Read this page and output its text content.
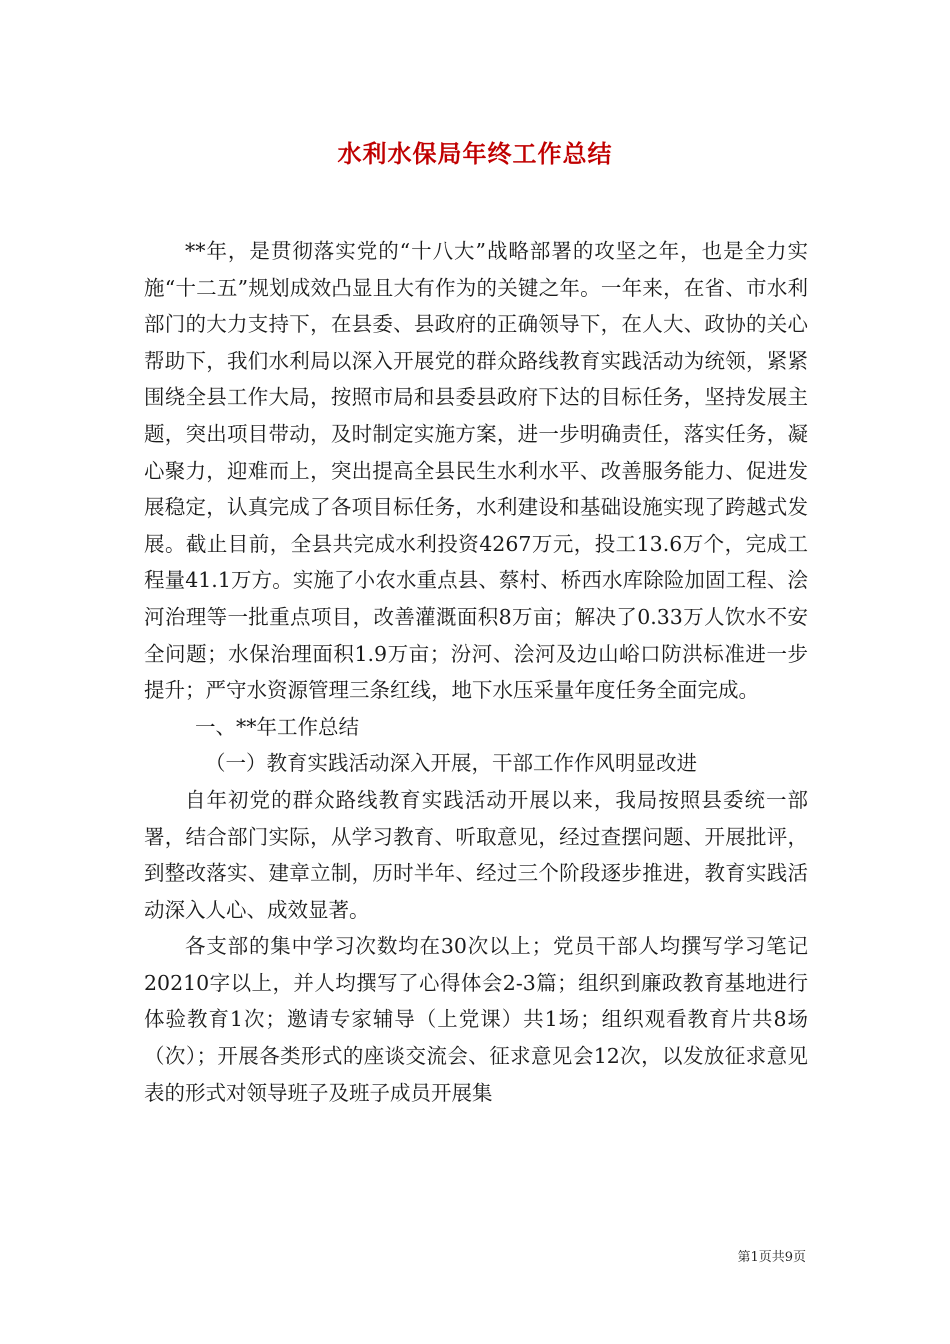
水利水保局年终工作总结

**年，是贯彻落实党的“十八大”战略部署的攻坚之年，也是全力实施“十二五”规划成效凸显且大有作为的关键之年。一年来，在省、市水利部门的大力支持下，在县委、县政府的正确领导下，在人大、政协的关心帮助下，我们水利局以深入开展党的群众路线教育实践活动为统领，紧紧围绕全县工作大局，按照市局和县委县政府下达的目标任务，坚持发展主题，突出项目带动，及时制定实施方案，进一步明确责任，落实任务，凝心聚力，迎难而上，突出提高全县民生水利水平、改善服务能力、促进发展稳定，认真完成了各项目标任务，水利建设和基础设施实现了跨越式发展。截止目前，全县共完成水利投资4267万元，投工13.6万个，完成工程量41.1万方。实施了小农水重点县、蔡村、桥西水库除险加固工程、浍河治理等一批重点项目，改善灌溉面积8万亩；解决了0.33万人饮水不安全问题；水保治理面积1.9万亩；汾河、浍河及边山峪口防洪标准进一步提升；严守水资源管理三条红线，地下水压采量年度任务全面完成。

一、**年工作总结

（一）教育实践活动深入开展，干部工作作风明显改进

自年初党的群众路线教育实践活动开展以来，我局按照县委统一部署，结合部门实际，从学习教育、听取意见，经过查摆问题、开展批评，到整改落实、建章立制，历时半年、经过三个阶段逐步推进，教育实践活动深入人心、成效显著。

各支部的集中学习次数均在30次以上；党员干部人均撰写学习笔记20210字以上，并人均撰写了心得体会2-3篇；组织到廉政教育基地进行体验教育1次；邀请专家辅导（上党课）共1场；组织观看教育片共8场（次）；开展各类形式的座谈交流会、征求意见会12次，以发放征求意见表的形式对领导班子及班子成员开展集

第1页共9页
